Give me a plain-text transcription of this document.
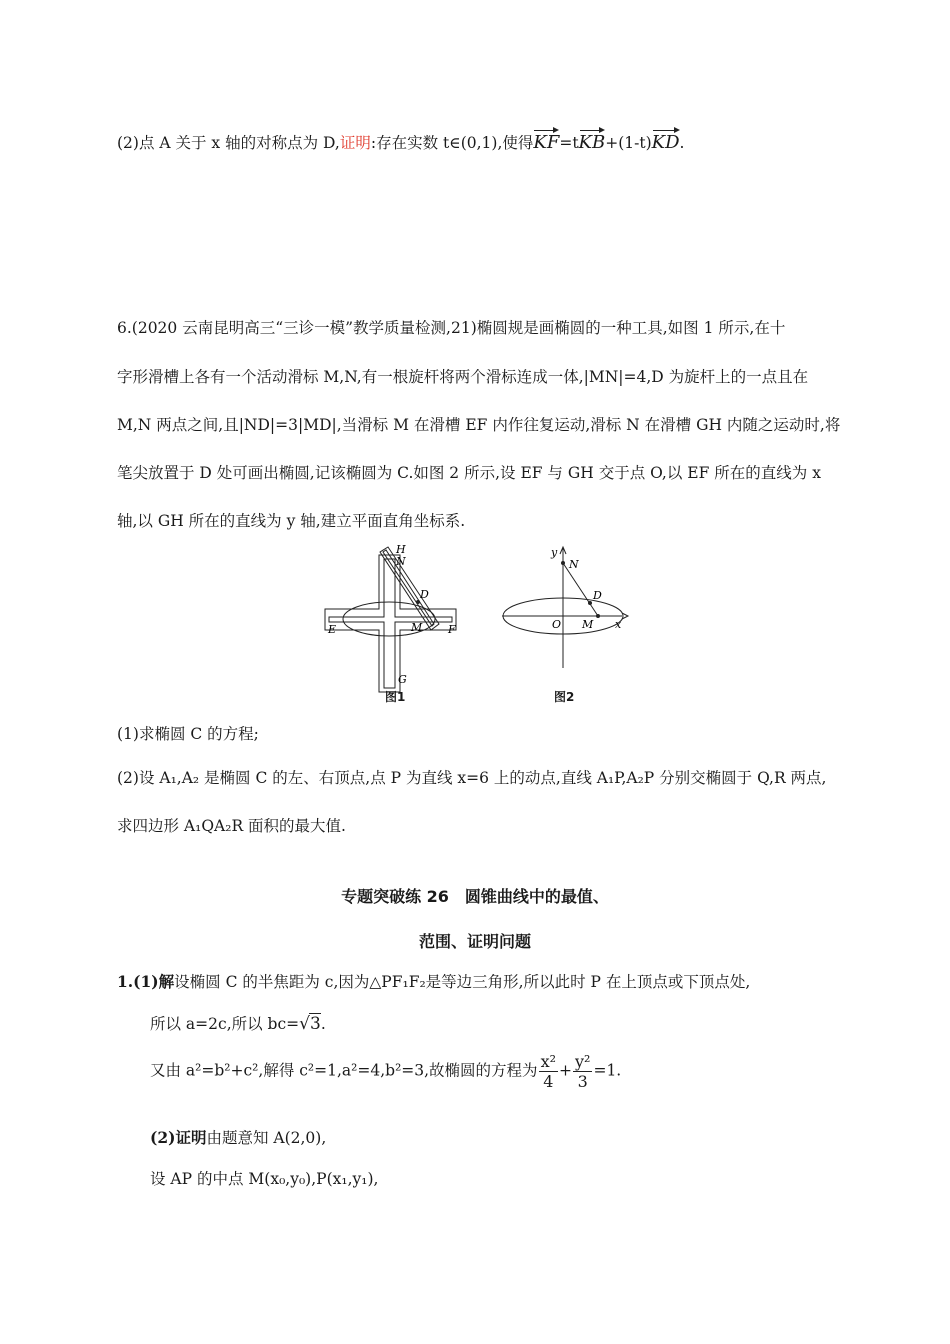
(2)点 A 关于 x 轴的对称点为 D,证明:存在实数 t∈(0,1),使得KF=tKB+(1-t)KD.
6.(2020 云南昆明高三“三诊一模”教学质量检测,21)椭圆规是画椭圆的一种工具,如图 1 所示,在十
字形滑槽上各有一个活动滑标 M,N,有一根旋杆将两个滑标连成一体,|MN|=4,D 为旋杆上的一点且在
M,N 两点之间,且|ND|=3|MD|,当滑标 M 在滑槽 EF 内作往复运动,滑标 N 在滑槽 GH 内随之运动时,将
笔尖放置于 D 处可画出椭圆,记该椭圆为 C.如图 2 所示,设 EF 与 GH 交于点 O,以 EF 所在的直线为 x
轴,以 GH 所在的直线为 y 轴,建立平面直角坐标系.
H
N
D
E	M F
G
图1
y
N
D
O M x
图2
(1)求椭圆 C 的方程;
(2)设 A₁,A₂ 是椭圆 C 的左、右顶点,点 P 为直线 x=6 上的动点,直线 A₁P,A₂P 分别交椭圆于 Q,R 两点,
求四边形 A₁QA₂R 面积的最大值.
专题突破练 26　圆锥曲线中的最值、
范围、证明问题
1.(1)解设椭圆 C 的半焦距为 c,因为△PF₁F₂是等边三角形,所以此时 P 在上顶点或下顶点处,
所以 a=2c,所以 bc=√3.
又由 a²=b²+c²,解得 c²=1,a²=4,b²=3,故椭圆的方程为 $\frac{\text{x²}}{4} + \frac{\text{y²}}{3} =1$.
(2)证明由题意知 A(2,0),
设 AP 的中点 M(x₀,y₀),P(x₁,y₁),
